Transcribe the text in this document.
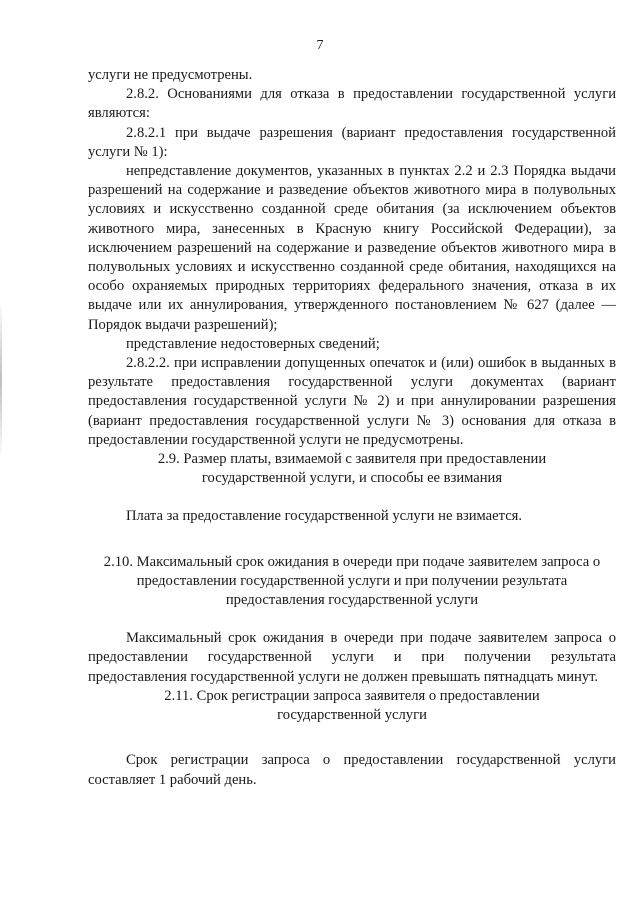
7

услуги не предусмотрены.

2.8.2. Основаниями для отказа в предоставлении государственной услуги являются:

2.8.2.1 при выдаче разрешения (вариант предоставления государственной услуги № 1):

непредставление документов, указанных в пунктах 2.2 и 2.3 Порядка выдачи разрешений на содержание и разведение объектов животного мира в полувольных условиях и искусственно созданной среде обитания (за исключением объектов животного мира, занесенных в Красную книгу Российской Федерации), за исключением разрешений на содержание и разведение объектов животного мира в полувольных условиях и искусственно созданной среде обитания, находящихся на особо охраняемых природных территориях федерального значения, отказа в их выдаче или их аннулирования, утвержденного постановлением № 627 (далее — Порядок выдачи разрешений);

представление недостоверных сведений;

2.8.2.2. при исправлении допущенных опечаток и (или) ошибок в выданных в результате предоставления государственной услуги документах (вариант предоставления государственной услуги № 2) и при аннулировании разрешения (вариант предоставления государственной услуги № 3) основания для отказа в предоставлении государственной услуги не предусмотрены.

2.9. Размер платы, взимаемой с заявителя при предоставлении государственной услуги, и способы ее взимания

Плата за предоставление государственной услуги не взимается.

2.10. Максимальный срок ожидания в очереди при подаче заявителем запроса о предоставлении государственной услуги и при получении результата предоставления государственной услуги

Максимальный срок ожидания в очереди при подаче заявителем запроса о предоставлении государственной услуги и при получении результата предоставления государственной услуги не должен превышать пятнадцать минут.

2.11. Срок регистрации запроса заявителя о предоставлении государственной услуги

Срок регистрации запроса о предоставлении государственной услуги составляет 1 рабочий день.
